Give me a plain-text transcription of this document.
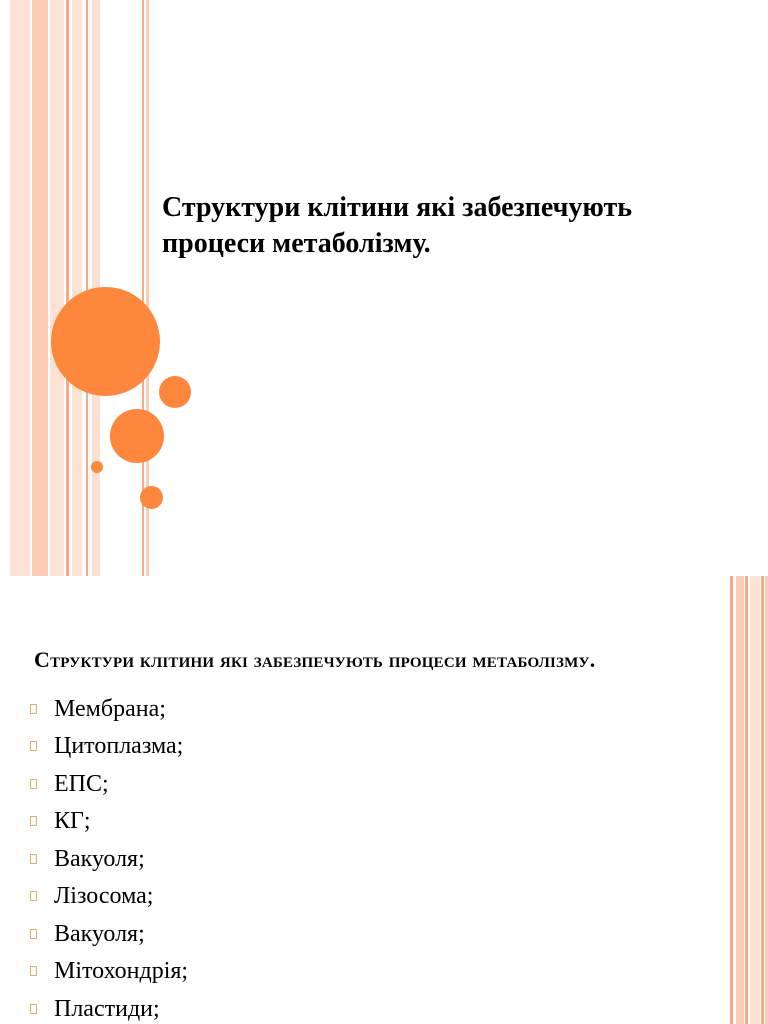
Структури клітини які забезпечують процеси метаболізму.
Структури клітини які забезпечують процеси метаболізму.
Мембрана;
Цитоплазма;
ЕПС;
КГ;
Вакуоля;
Лізосома;
Вакуоля;
Мітохондрія;
Пластиди;
